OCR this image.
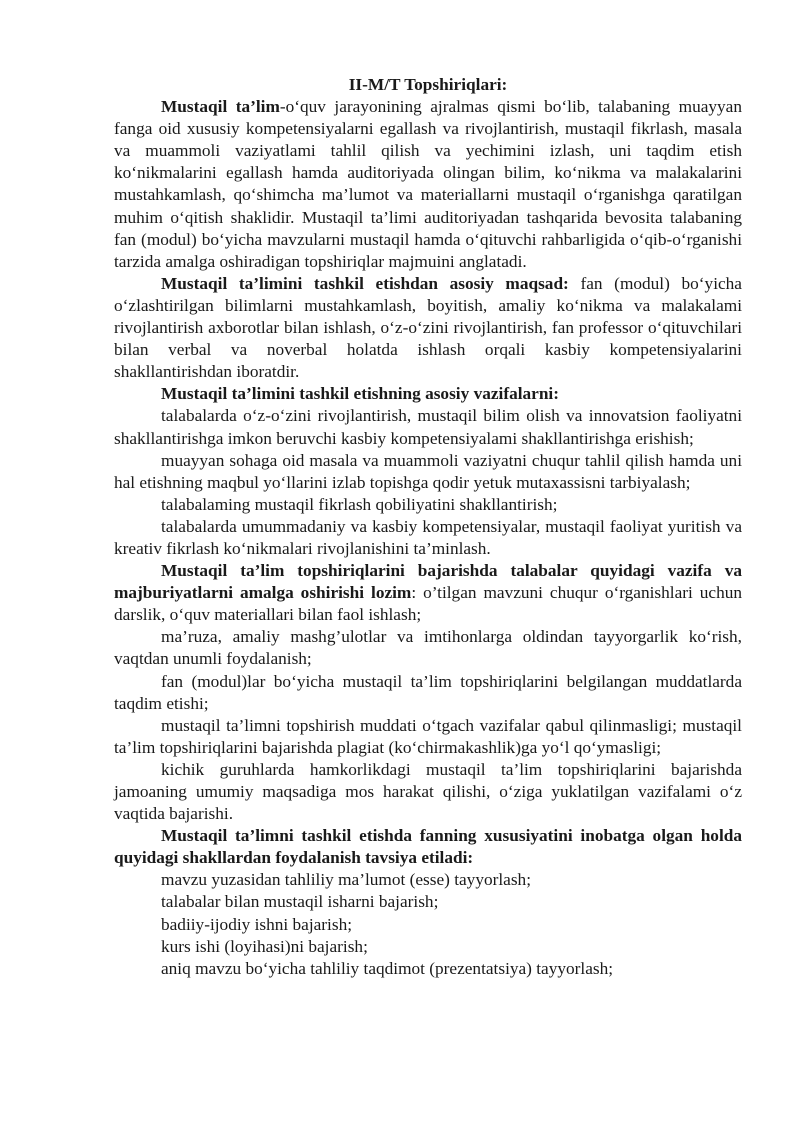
II-M/T Topshiriqlari:

Mustaqil ta’lim-o‘quv jarayonining ajralmas qismi bo‘lib, talabaning muayyan fanga oid xususiy kompetensiyalarni egallash va rivojlantirish, mustaqil fikrlash, masala va muammoli vaziyatlami tahlil qilish va yechimini izlash, uni taqdim etish ko‘nikmalarini egallash hamda auditoriyada olingan bilim, ko‘nikma va malakalarini mustahkamlash, qo‘shimcha ma’lumot va materiallarni mustaqil o‘rganishga qaratilgan muhim o‘qitish shaklidir. Mustaqil ta’limi auditoriyadan tashqarida bevosita talabaning fan (modul) bo‘yicha mavzularni mustaqil hamda o‘qituvchi rahbarligida o‘qib-o‘rganishi tarzida amalga oshiradigan topshiriqlar majmuini anglatadi.

Mustaqil ta’limini tashkil etishdan asosiy maqsad: fan (modul) bo‘yicha o‘zlashtirilgan bilimlarni mustahkamlash, boyitish, amaliy ko‘nikma va malakalami rivojlantirish axborotlar bilan ishlash, o‘z-o‘zini rivojlantirish, fan professor o‘qituvchilari bilan verbal va noverbal holatda ishlash orqali kasbiy kompetensiyalarini shakllantirishdan iboratdir.

Mustaqil ta’limini tashkil etishning asosiy vazifalarni:

talabalarda o‘z-o‘zini rivojlantirish, mustaqil bilim olish va innovatsion faoliyatni shakllantirishga imkon beruvchi kasbiy kompetensiyalami shakllantirishga erishish;

muayyan sohaga oid masala va muammoli vaziyatni chuqur tahlil qilish hamda uni hal etishning maqbul yo‘llarini izlab topishga qodir yetuk mutaxassisni tarbiyalash;

talabalaming mustaqil fikrlash qobiliyatini shakllantirish;

talabalarda umummadaniy va kasbiy kompetensiyalar, mustaqil faoliyat yuritish va kreativ fikrlash ko‘nikmalari rivojlanishini ta’minlash.

Mustaqil ta’lim topshiriqlarini bajarishda talabalar quyidagi vazifa va majburiyatlarni amalga oshirishi lozim: o’tilgan mavzuni chuqur o‘rganishlari uchun darslik, o‘quv materiallari bilan faol ishlash;

ma’ruza, amaliy mashg’ulotlar va imtihonlarga oldindan tayyorgarlik ko‘rish, vaqtdan unumli foydalanish;

fan (modul)lar bo‘yicha mustaqil ta’lim topshiriqlarini belgilangan muddatlarda taqdim etishi;

mustaqil ta’limni topshirish muddati o‘tgach vazifalar qabul qilinmasligi; mustaqil ta’lim topshiriqlarini bajarishda plagiat (ko‘chirmakashlik)ga yo‘l qo‘ymasligi;

kichik guruhlarda hamkorlikdagi mustaqil ta’lim topshiriqlarini bajarishda jamoaning umumiy maqsadiga mos harakat qilishi, o‘ziga yuklatilgan vazifalami o‘z vaqtida bajarishi.

Mustaqil ta’limni tashkil etishda fanning xususiyatini inobatga olgan holda quyidagi shakllardan foydalanish tavsiya etiladi:

mavzu yuzasidan tahliliy ma’lumot (esse) tayyorlash;

talabalar bilan mustaqil isharni bajarish;

badiiy-ijodiy ishni bajarish;

kurs ishi (loyihasi)ni bajarish;

aniq mavzu bo‘yicha tahliliy taqdimot (prezentatsiya) tayyorlash;
